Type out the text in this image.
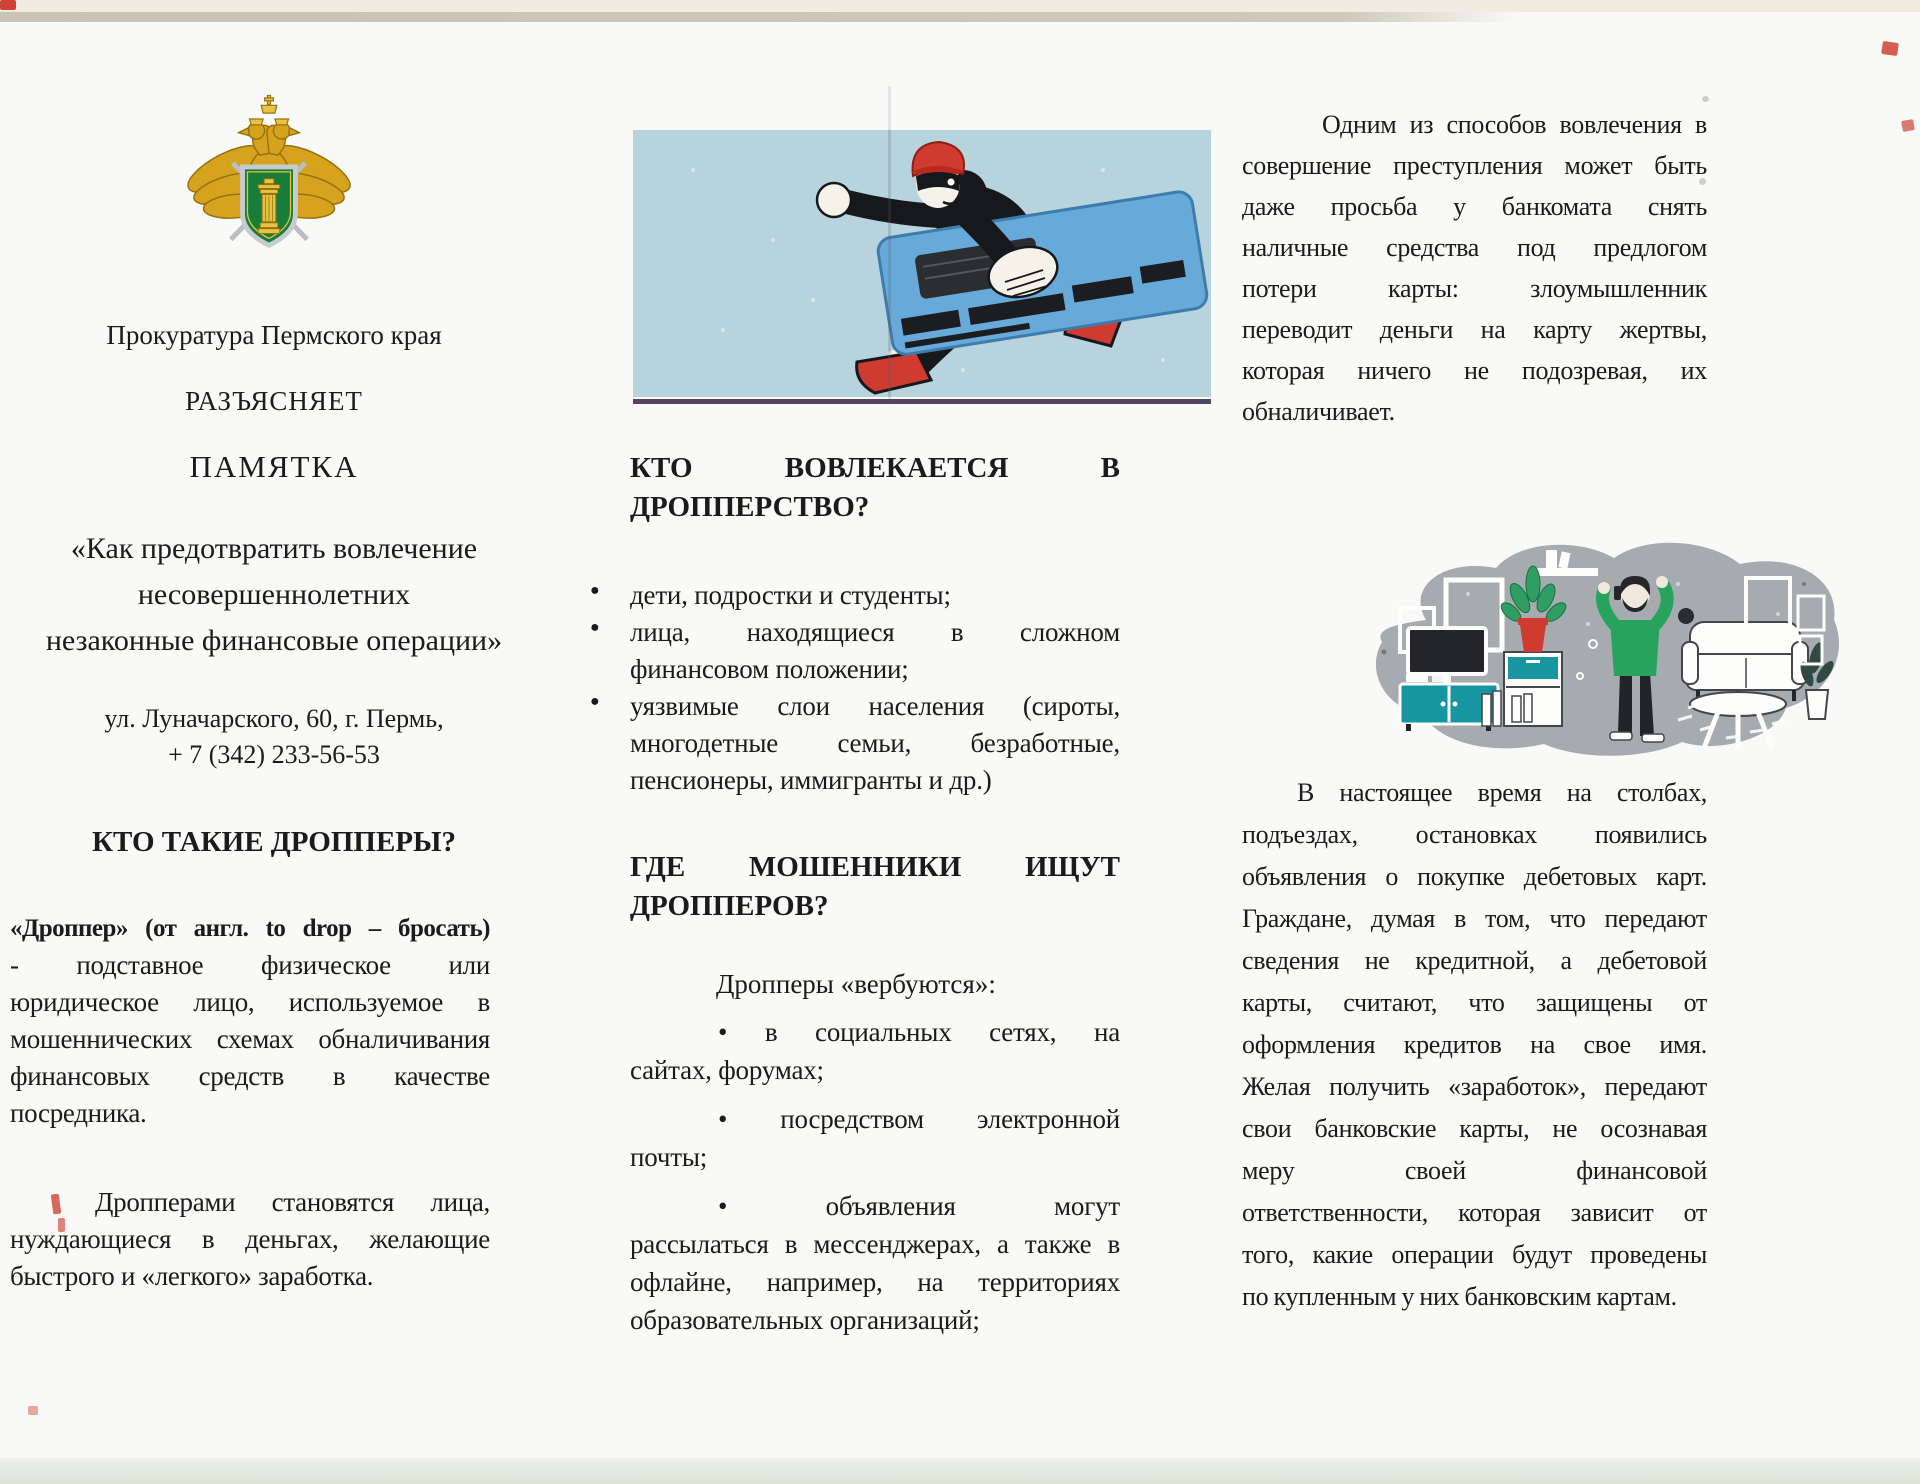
Прокуратура Пермского края
РАЗЪЯСНЯЕТ
ПАМЯТКА
«Как предотвратить вовлечение
несовершеннолетних
незаконные финансовые операции»
ул. Луначарского, 60, г. Пермь,
+ 7 (342) 233-56-53
КТО ТАКИЕ ДРОППЕРЫ?
«Дроппер» (от англ. to drop – бросать)
- подставное физическое или
юридическое лицо, используемое в
мошеннических схемах обналичивания
финансовых средств в качестве
посредника.
Дропперами становятся лица,
нуждающиеся в деньгах, желающие
быстрого и «легкого» заработка.
КТО ВОВЛЕКАЕТСЯ В
ДРОППЕРСТВО?
● дети, подростки и студенты;
● лица, находящиеся в сложном
финансовом положении;
● уязвимые слои населения (сироты,
многодетные семьи, безработные,
пенсионеры, иммигранты и др.)
ГДЕ МОШЕННИКИ ИЩУТ
ДРОППЕРОВ?
Дропперы «вербуются»:
• в социальных сетях, на
сайтах, форумах;
• посредством электронной
почты;
• объявления могут
рассылаться в мессенджерах, а также в
офлайне, например, на территориях
образовательных организаций;
Одним из способов вовлечения в
совершение преступления может быть
даже просьба у банкомата снять
наличные средства под предлогом
потери карты: злоумышленник
переводит деньги на карту жертвы,
которая ничего не подозревая, их
обналичивает.
В настоящее время на столбах,
подъездах, остановках появились
объявления о покупке дебетовых карт.
Граждане, думая в том, что передают
сведения не кредитной, а дебетовой
карты, считают, что защищены от
оформления кредитов на свое имя.
Желая получить «заработок», передают
свои банковские карты, не осознавая
меру своей финансовой
ответственности, которая зависит от
того, какие операции будут проведены
по купленным у них банковским картам.
